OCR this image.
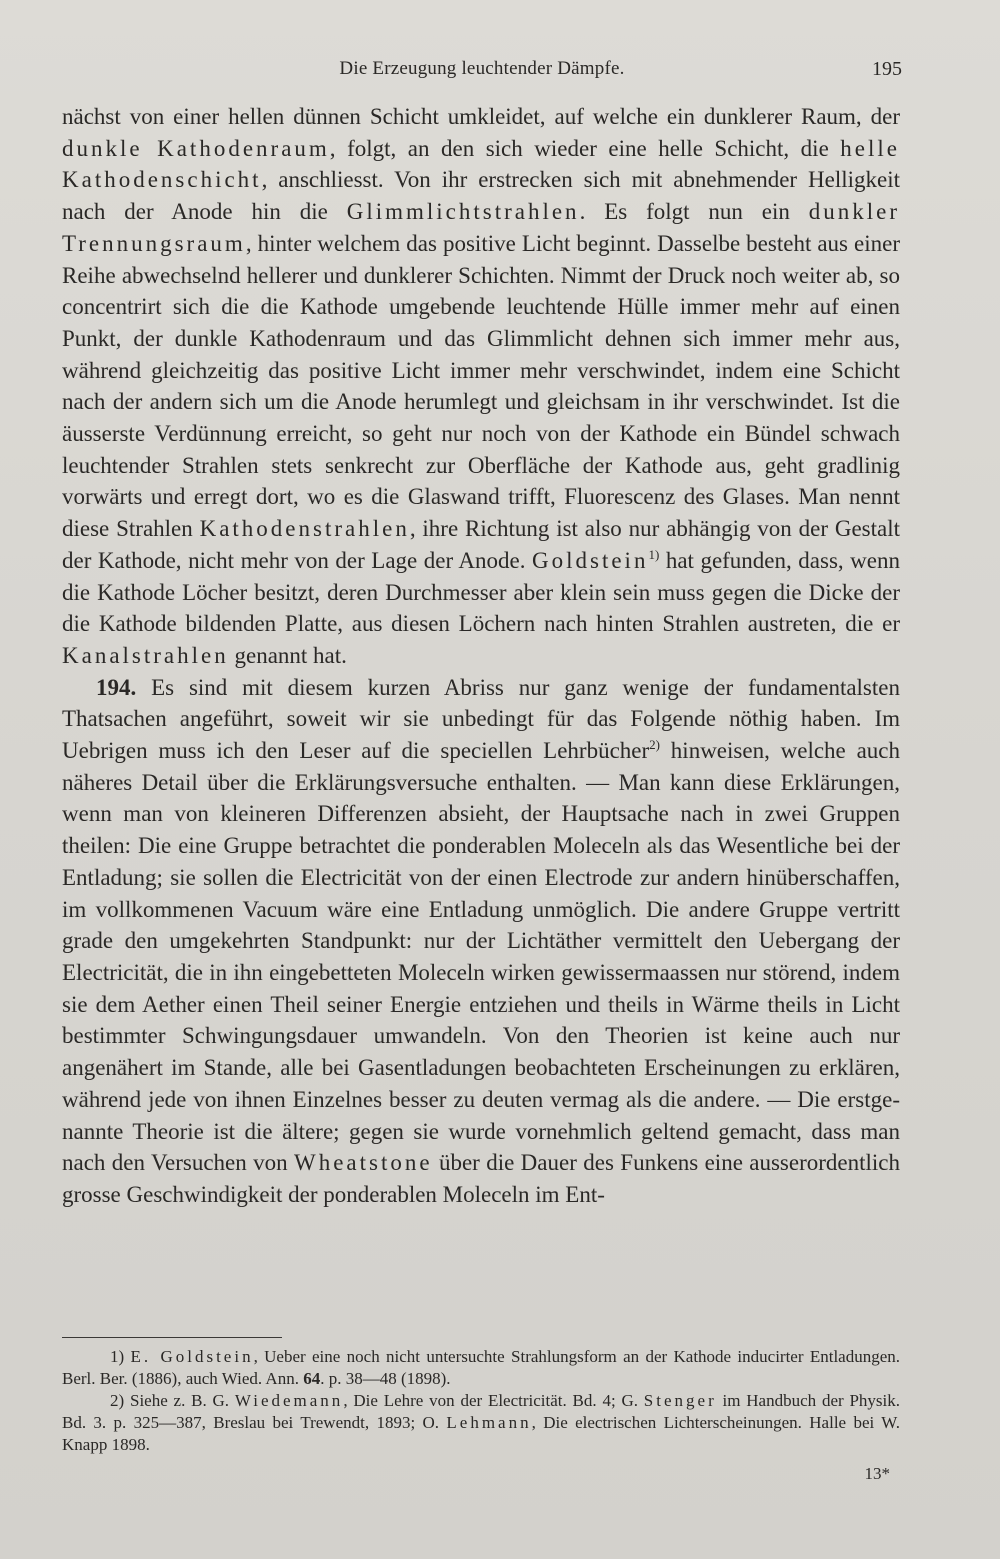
Die Erzeugung leuchtender Dämpfe.	195

nächst von einer hellen dünnen Schicht umkleidet, auf welche ein dunklerer Raum, der dunkle Kathodenraum, folgt, an den sich wieder eine helle Schicht, die helle Kathodenschicht, anschliesst. Von ihr erstrecken sich mit abnehmender Helligkeit nach der Anode hin die Glimmlichtstrahlen. Es folgt nun ein dunkler Trennungsraum, hinter welchem das positive Licht beginnt. Dasselbe besteht aus einer Reihe abwechselnd hellerer und dunklerer Schichten. Nimmt der Druck noch weiter ab, so concentrirt sich die die Kathode umgebende leuchtende Hülle immer mehr auf einen Punkt, der dunkle Kathodenraum und das Glimmlicht dehnen sich immer mehr aus, während gleichzeitig das positive Licht immer mehr verschwindet, indem eine Schicht nach der andern sich um die Anode herumlegt und gleichsam in ihr verschwindet. Ist die äusserste Verdünnung erreicht, so geht nur noch von der Kathode ein Bündel schwach leuchtender Strahlen stets senkrecht zur Oberfläche der Kathode aus, geht gradlinig vorwärts und erregt dort, wo es die Glaswand trifft, Fluorescenz des Glases. Man nennt diese Strahlen Kathodenstrahlen, ihre Richtung ist also nur abhängig von der Gestalt der Kathode, nicht mehr von der Lage der Anode. Goldstein$^{1)}$ hat gefunden, dass, wenn die Kathode Löcher besitzt, deren Durchmesser aber klein sein muss gegen die Dicke der die Kathode bildenden Platte, aus diesen Löchern nach hinten Strahlen austreten, die er Kanalstrahlen genannt hat.

194. Es sind mit diesem kurzen Abriss nur ganz wenige der fundamentalsten Thatsachen angeführt, soweit wir sie unbedingt für das Folgende nöthig haben. Im Uebrigen muss ich den Leser auf die speciellen Lehrbücher$^{2)}$ hinweisen, welche auch näheres Detail über die Erklärungsversuche enthalten. — Man kann diese Erklärungen, wenn man von kleineren Differenzen absieht, der Hauptsache nach in zwei Gruppen theilen: Die eine Gruppe betrachtet die ponderablen Moleceln als das Wesentliche bei der Entladung; sie sollen die Electricität von der einen Electrode zur andern hinüberschaffen, im vollkommenen Vacuum wäre eine Entladung unmöglich. Die andere Gruppe vertritt grade den umgekehrten Standpunkt: nur der Lichtäther vermittelt den Uebergang der Electricität, die in ihn eingebetteten Moleceln wirken gewissermaassen nur störend, indem sie dem Aether einen Theil seiner Energie entziehen und theils in Wärme theils in Licht bestimmter Schwingungsdauer umwandeln. Von den Theorien ist keine auch nur angenähert im Stande, alle bei Gasentladungen beobachteten Erscheinungen zu erklären, während jede von ihnen Einzelnes besser zu deuten vermag als die andere. — Die erstgenannte Theorie ist die ältere; gegen sie wurde vornehmlich geltend gemacht, dass man nach den Versuchen von Wheatstone über die Dauer des Funkens eine ausserordentlich grosse Geschwindigkeit der ponderablen Moleceln im Ent-

1) E. Goldstein, Ueber eine noch nicht untersuchte Strahlungsform an der Kathode inducirter Entladungen. Berl. Ber. (1886), auch Wied. Ann. 64. p. 38—48 (1898).

2) Siehe z. B. G. Wiedemann, Die Lehre von der Electricität. Bd. 4; G. Stenger im Handbuch der Physik. Bd. 3. p. 325—387, Breslau bei Trewendt, 1893; O. Lehmann, Die electrischen Lichterscheinungen. Halle bei W. Knapp 1898.

13*
